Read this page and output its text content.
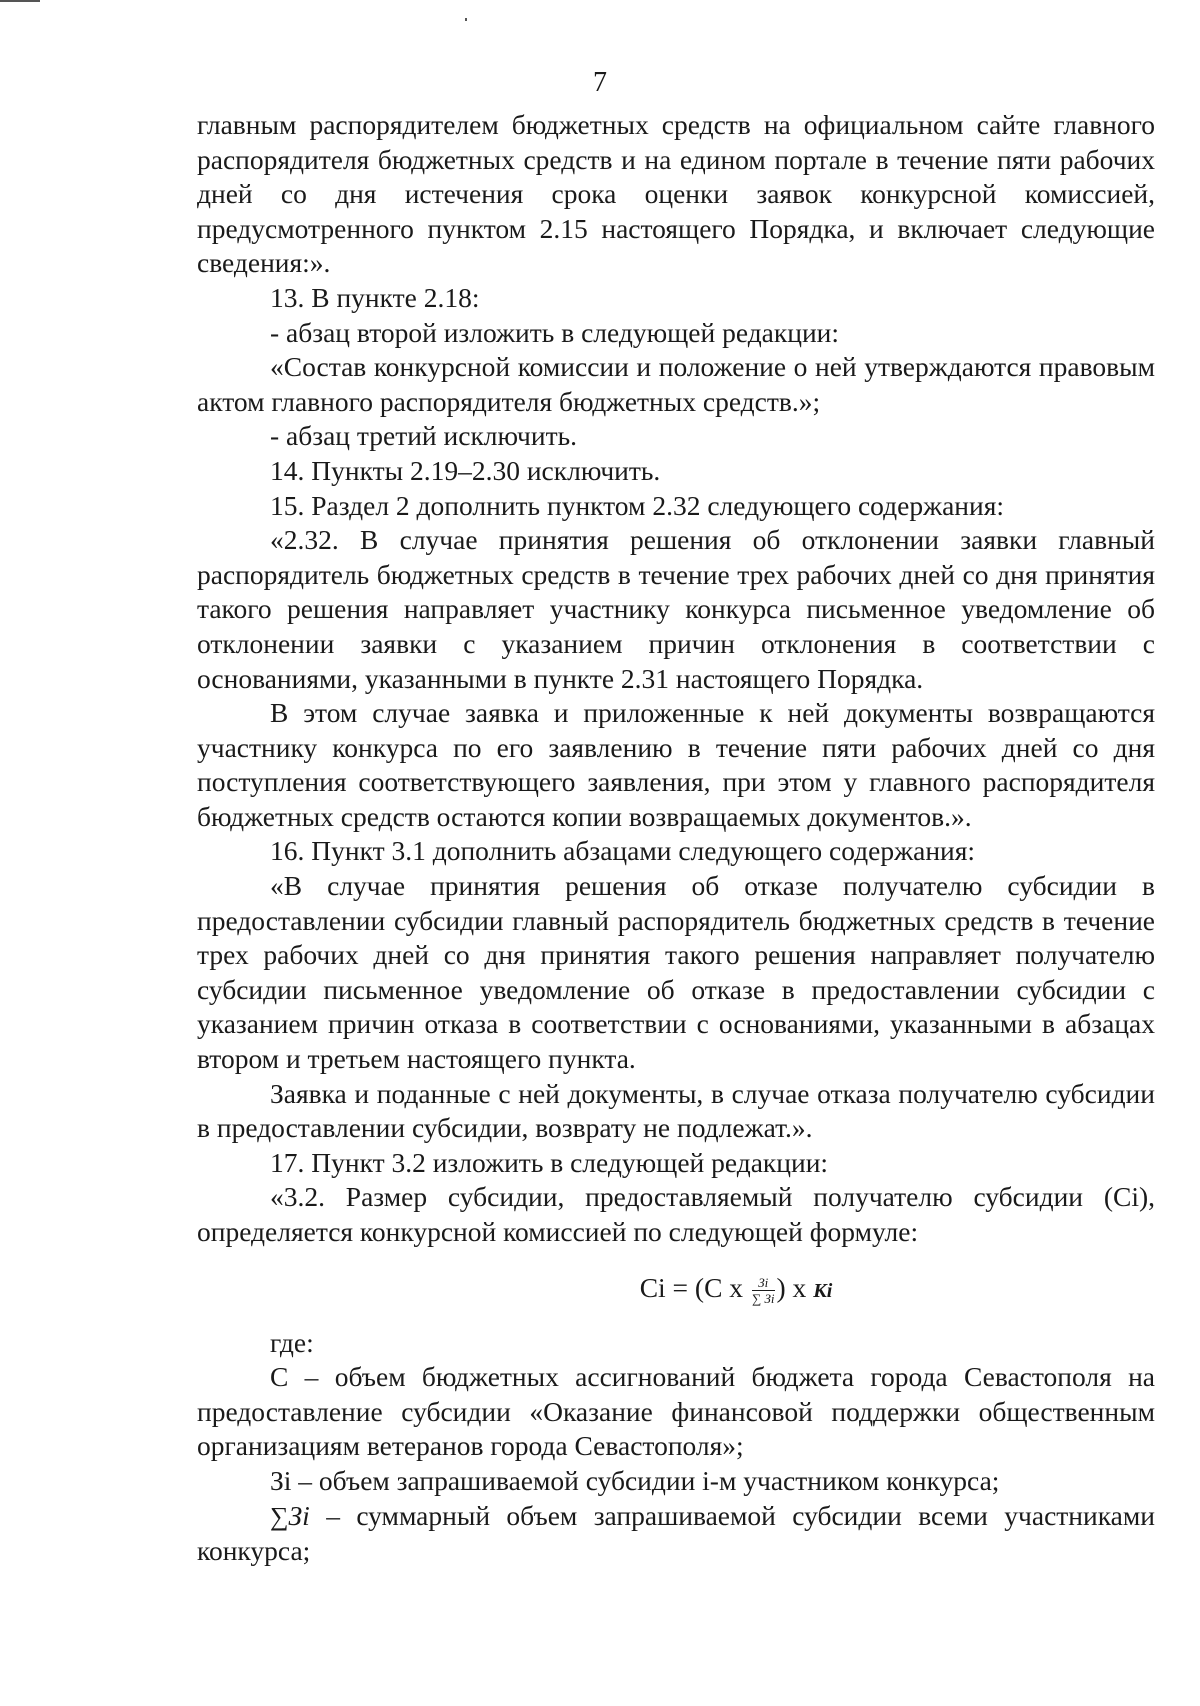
7

главным распорядителем бюджетных средств на официальном сайте главного распорядителя бюджетных средств и на едином портале в течение пяти рабочих дней со дня истечения срока оценки заявок конкурсной комиссией, предусмотренного пунктом 2.15 настоящего Порядка, и включает следующие сведения:».

13. В пункте 2.18:

- абзац второй изложить в следующей редакции:

«Состав конкурсной комиссии и положение о ней утверждаются правовым актом главного распорядителя бюджетных средств.»;

- абзац третий исключить.

14. Пункты 2.19–2.30 исключить.

15. Раздел 2 дополнить пунктом 2.32 следующего содержания:

«2.32. В случае принятия решения об отклонении заявки главный распорядитель бюджетных средств в течение трех рабочих дней со дня принятия такого решения направляет участнику конкурса письменное уведомление об отклонении заявки с указанием причин отклонения в соответствии с основаниями, указанными в пункте 2.31 настоящего Порядка.

В этом случае заявка и приложенные к ней документы возвращаются участнику конкурса по его заявлению в течение пяти рабочих дней со дня поступления соответствующего заявления, при этом у главного распорядителя бюджетных средств остаются копии возвращаемых документов.».

16. Пункт 3.1 дополнить абзацами следующего содержания:

«В случае принятия решения об отказе получателю субсидии в предоставлении субсидии главный распорядитель бюджетных средств в течение трех рабочих дней со дня принятия такого решения направляет получателю субсидии письменное уведомление об отказе в предоставлении субсидии с указанием причин отказа в соответствии с основаниями, указанными в абзацах втором и третьем настоящего пункта.

Заявка и поданные с ней документы, в случае отказа получателю субсидии в предоставлении субсидии, возврату не подлежат.».

17. Пункт 3.2 изложить в следующей редакции:

«3.2. Размер субсидии, предоставляемый получателю субсидии (Сi), определяется конкурсной комиссией по следующей формуле:

Сi = (С х $\frac{Зi}{\sum Зi}$ ) х Кi

где:

С – объем бюджетных ассигнований бюджета города Севастополя на предоставление субсидии «Оказание финансовой поддержки общественным организациям ветеранов города Севастополя»;

Зi – объем запрашиваемой субсидии i-м участником конкурса;

∑Зi – суммарный объем запрашиваемой субсидии всеми участниками конкурса;
